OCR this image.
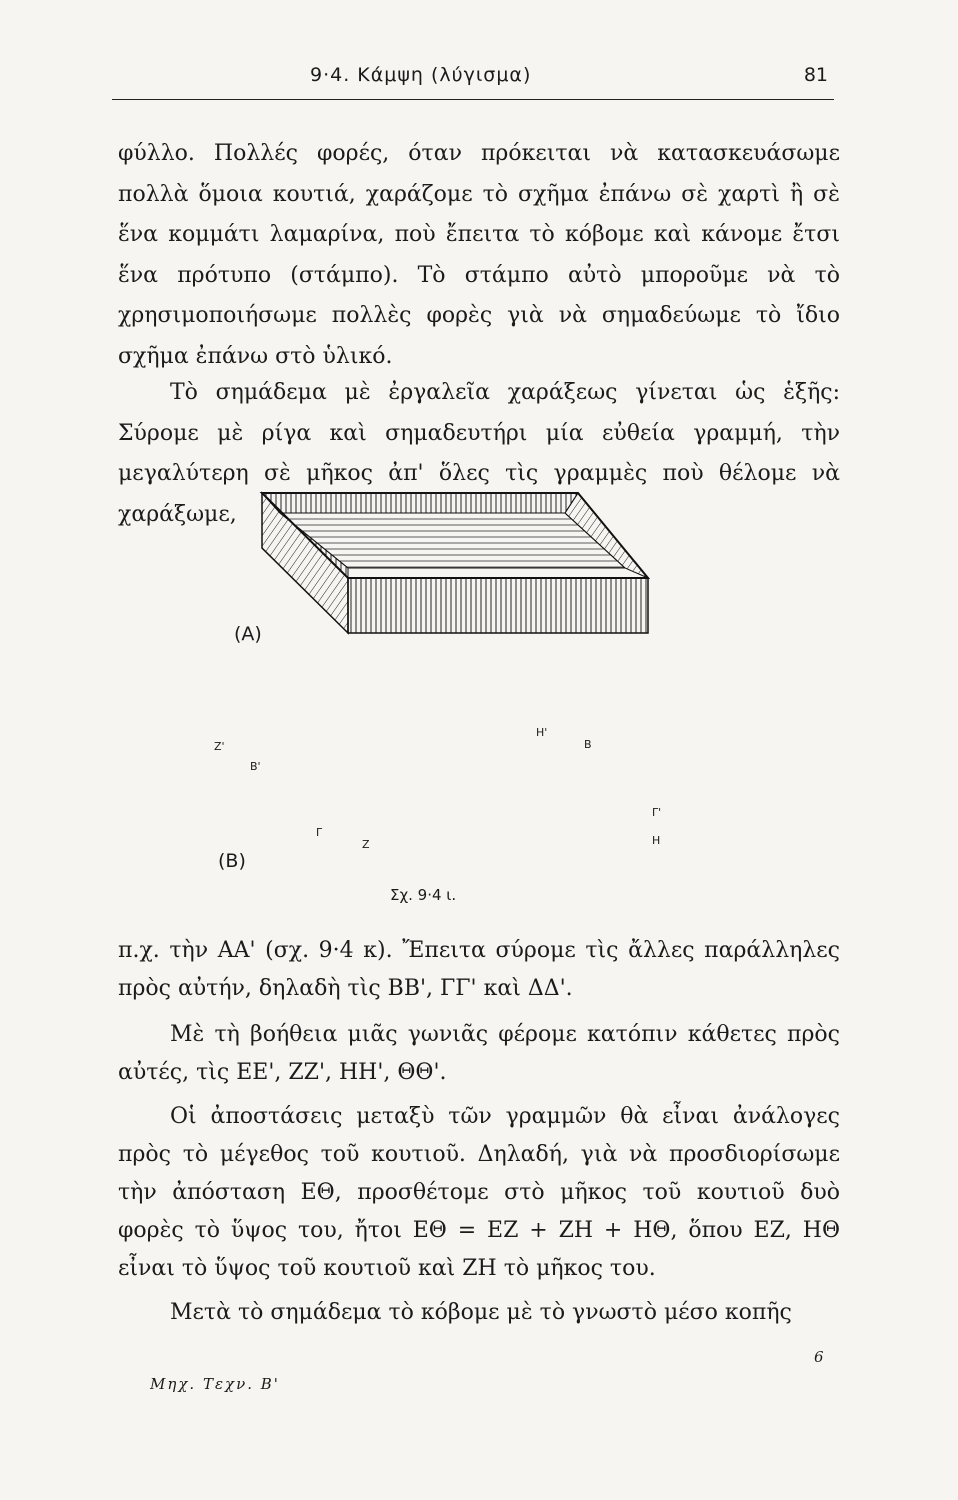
9·4. Κάμψη (λύγισμα)	81

φύλλο. Πολλές φορές, όταν πρόκειται νὰ κατασκευάσωμε πολλὰ ὅμοια κουτιά, χαράζομε τὸ σχῆμα ἐπάνω σὲ χαρτὶ ἢ σὲ ἕνα κομμάτι λαμαρίνα, ποὺ ἔπειτα τὸ κόβομε καὶ κάνομε ἔτσι ἕνα πρότυπο (στάμπο). Τὸ στάμπο αὐτὸ μποροῦμε νὰ τὸ χρησιμοποιήσωμε πολλὲς φορὲς γιὰ νὰ σημαδεύωμε τὸ ἴδιο σχῆμα ἐπάνω στὸ ὑλικό.

Τὸ σημάδεμα μὲ ἐργαλεῖα χαράξεως γίνεται ὡς ἑξῆς: Σύρομε μὲ ρίγα καὶ σημαδευτήρι μία εὐθεία γραμμή, τὴν μεγαλύτερη σὲ μῆκος ἀπ' ὅλες τὶς γραμμὲς ποὺ θέλομε νὰ χαράξωμε,

(Α)
(Β)
Ζ'
Β'
Η'
Β
Γ'
Η
Γ
Ζ
Σχ. 9·4 ι.

π.χ. τὴν ΑΑ' (σχ. 9·4 κ). Ἔπειτα σύρομε τὶς ἄλλες παράλληλες πρὸς αὐτήν, δηλαδὴ τὶς ΒΒ', ΓΓ' καὶ ΔΔ'.

Μὲ τὴ βοήθεια μιᾶς γωνιᾶς φέρομε κατόπιν κάθετες πρὸς αὐτές, τὶς ΕΕ', ΖΖ', ΗΗ', ΘΘ'.

Οἱ ἀποστάσεις μεταξὺ τῶν γραμμῶν θὰ εἶναι ἀνάλογες πρὸς τὸ μέγεθος τοῦ κουτιοῦ. Δηλαδή, γιὰ νὰ προσδιορίσωμε τὴν ἀπόσταση ΕΘ, προσθέτομε στὸ μῆκος τοῦ κουτιοῦ δυὸ φορὲς τὸ ὕψος του, ἤτοι ΕΘ = ΕΖ + ΖΗ + ΗΘ, ὅπου ΕΖ, ΗΘ εἶναι τὸ ὕψος τοῦ κουτιοῦ καὶ ΖΗ τὸ μῆκος του.

Μετὰ τὸ σημάδεμα τὸ κόβομε μὲ τὸ γνωστὸ μέσο κοπῆς

6
Μηχ. Τεχν. Β'
